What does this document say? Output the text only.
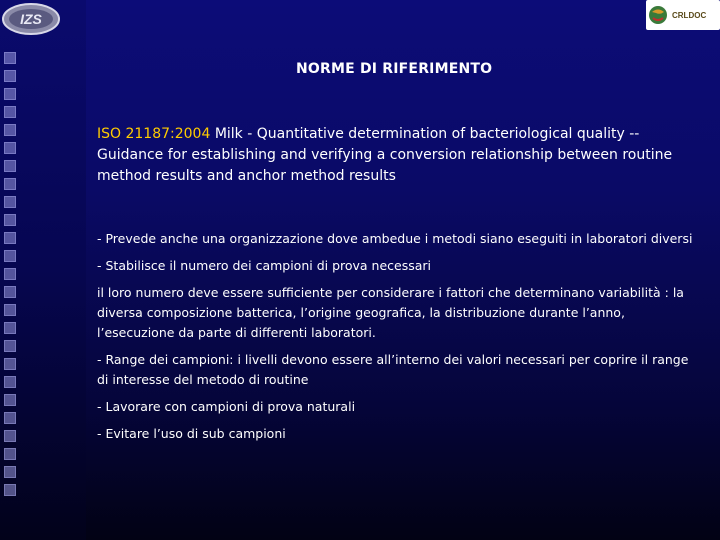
IZS	CRLDOC
NORME DI RIFERIMENTO

ISO 21187:2004 Milk - Quantitative determination of bacteriological quality -- Guidance for establishing and verifying a conversion relationship between routine method results and anchor method results

- Prevede anche una organizzazione dove ambedue i metodi siano eseguiti in laboratori diversi

- Stabilisce il numero dei campioni di prova necessari

il loro numero deve essere sufficiente per considerare i fattori che determinano variabilità : la diversa composizione batterica, l’origine geografica, la distribuzione durante l’anno, l’esecuzione da parte di differenti laboratori.

- Range dei campioni: i livelli devono essere all’interno dei valori necessari per coprire il range di interesse del metodo di routine

- Lavorare con campioni di prova naturali

- Evitare l’uso di sub campioni
